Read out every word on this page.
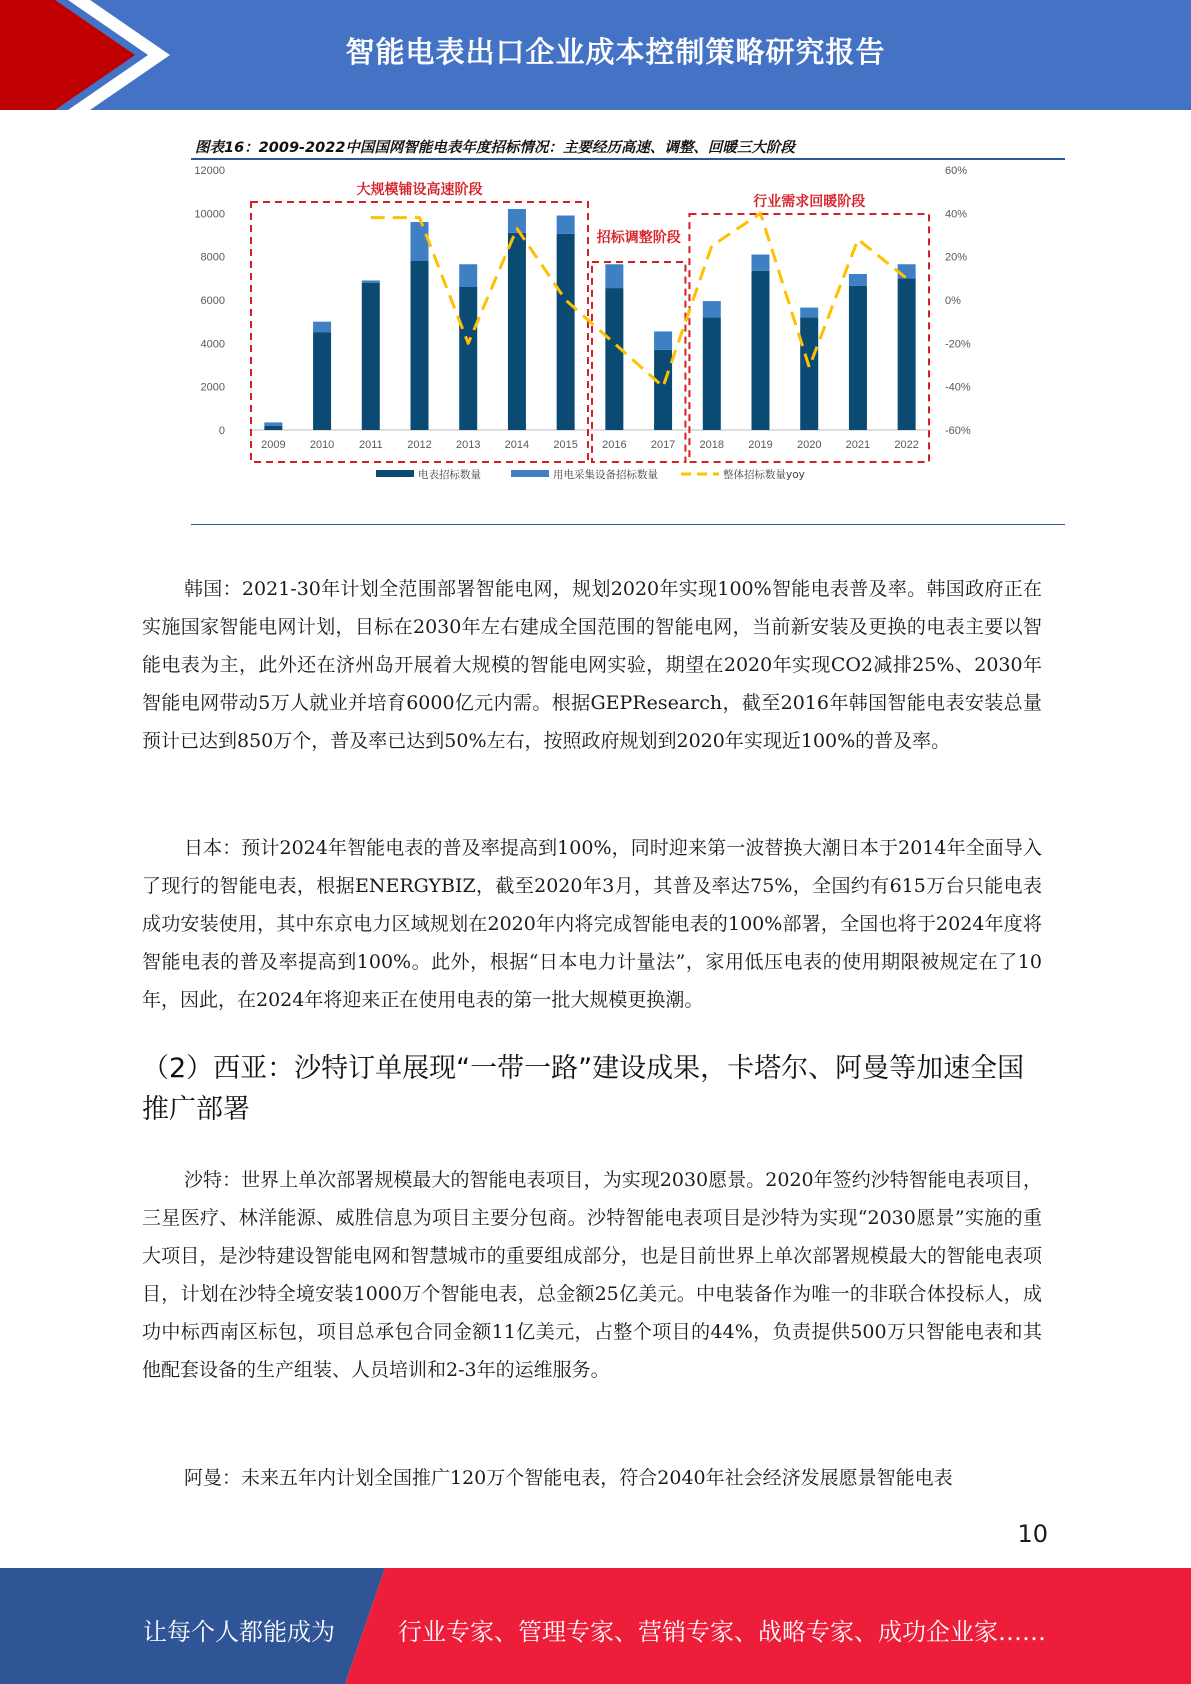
智能电表出口企业成本控制策略研究报告
图表16：2009-2022中国国网智能电表年度招标情况：主要经历高速、调整、回暖三大阶段
0
2000
4000
6000
8000
10000
12000
-60%
-40%
-20%
0%
20%
40%
60%
2009 2010 2011 2012 2013 2014 2015 2016 2017 2018 2019 2020 2021 2022
大规模铺设高速阶段
招标调整阶段
行业需求回暖阶段
电表招标数量	用电采集设备招标数量	整体招标数量yoy

韩国：2021-30年计划全范围部署智能电网，规划2020年实现100%智能电表普及率。韩国政府正在实施国家智能电网计划，目标在2030年左右建成全国范围的智能电网，当前新安装及更换的电表主要以智能电表为主，此外还在济州岛开展着大规模的智能电网实验，期望在2020年实现CO2减排25%、2030年智能电网带动5万人就业并培育6000亿元内需。根据GEPResearch，截至2016年韩国智能电表安装总量预计已达到850万个，普及率已达到50%左右，按照政府规划到2020年实现近100%的普及率。

日本：预计2024年智能电表的普及率提高到100%，同时迎来第一波替换大潮日本于2014年全面导入了现行的智能电表，根据ENERGYBIZ，截至2020年3月，其普及率达75%，全国约有615万台只能电表成功安装使用，其中东京电力区域规划在2020年内将完成智能电表的100%部署，全国也将于2024年度将智能电表的普及率提高到100%。此外，根据“日本电力计量法”，家用低压电表的使用期限被规定在了10年，因此，在2024年将迎来正在使用电表的第一批大规模更换潮。

（2）西亚：沙特订单展现“一带一路”建设成果，卡塔尔、阿曼等加速全国推广部署

沙特：世界上单次部署规模最大的智能电表项目，为实现2030愿景。2020年签约沙特智能电表项目，三星医疗、林洋能源、威胜信息为项目主要分包商。沙特智能电表项目是沙特为实现“2030愿景”实施的重大项目，是沙特建设智能电网和智慧城市的重要组成部分，也是目前世界上单次部署规模最大的智能电表项目，计划在沙特全境安装1000万个智能电表，总金额25亿美元。中电装备作为唯一的非联合体投标人，成功中标西南区标包，项目总承包合同金额11亿美元，占整个项目的44%，负责提供500万只智能电表和其他配套设备的生产组装、人员培训和2-3年的运维服务。

阿曼：未来五年内计划全国推广120万个智能电表，符合2040年社会经济发展愿景智能电表

10
让每个人都能成为	行业专家、管理专家、营销专家、战略专家、成功企业家……
